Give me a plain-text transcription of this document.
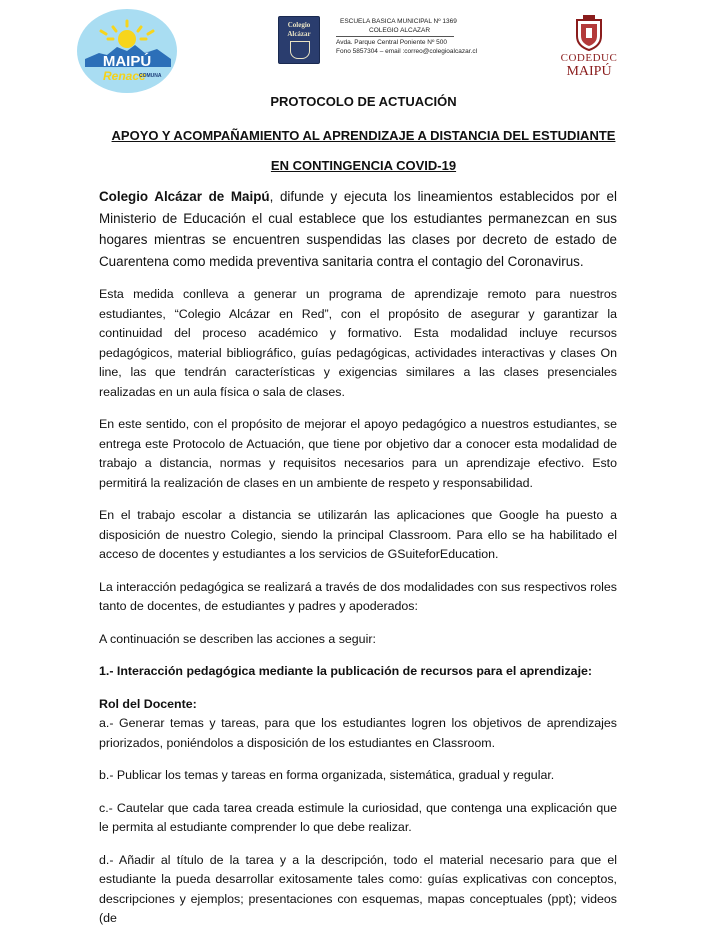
MAIPÚ
Renace
COMUNA
Colegio
Alcázar
ESCUELA BASICA MUNICIPAL Nº 1369
COLEGIO ALCAZAR
Avda. Parque Central Poniente Nº 500
Fono 5857304 – email :correo@colegioalcazar.cl
CODEDUC
MAIPÚ
PROTOCOLO DE ACTUACIÓN
APOYO Y ACOMPAÑAMIENTO AL APRENDIZAJE A DISTANCIA DEL ESTUDIANTE
EN CONTINGENCIA COVID-19

Colegio Alcázar de Maipú, difunde y ejecuta los lineamientos establecidos por el Ministerio de Educación el cual establece que los estudiantes permanezcan en sus hogares mientras se encuentren suspendidas las clases por decreto de estado de Cuarentena como medida preventiva sanitaria contra el contagio del Coronavirus.

Esta medida conlleva a generar un programa de aprendizaje remoto para nuestros estudiantes, “Colegio Alcázar en Red”, con el propósito de asegurar y garantizar la continuidad del proceso académico y formativo. Esta modalidad incluye recursos pedagógicos, material bibliográfico, guías pedagógicas, actividades interactivas y clases On line, las que tendrán características y exigencias similares a las clases presenciales realizadas en un aula física o sala de clases.

En este sentido, con el propósito de mejorar el apoyo pedagógico a nuestros estudiantes, se entrega este Protocolo de Actuación, que tiene por objetivo dar a conocer esta modalidad de trabajo a distancia, normas y requisitos necesarios para un aprendizaje efectivo. Esto permitirá la realización de clases en un ambiente de respeto y responsabilidad.

En el trabajo escolar a distancia se utilizarán las aplicaciones que Google ha puesto a disposición de nuestro Colegio, siendo la principal Classroom. Para ello se ha habilitado el acceso de docentes y estudiantes a los servicios de GSuiteforEducation.

La interacción pedagógica se realizará a través de dos modalidades con sus respectivos roles tanto de docentes, de estudiantes y padres y apoderados:

A continuación se describen las acciones a seguir:

1.- Interacción pedagógica mediante la publicación de recursos para el aprendizaje:

Rol del Docente:

a.- Generar temas y tareas, para que los estudiantes logren los objetivos de aprendizajes priorizados, poniéndolos a disposición de los estudiantes en Classroom.

b.- Publicar los temas y tareas en forma organizada, sistemática, gradual y regular.

c.- Cautelar que cada tarea creada estimule la curiosidad, que contenga una explicación que le permita al estudiante comprender lo que debe realizar.

d.- Añadir al título de la tarea y a la descripción, todo el material necesario para que el estudiante la pueda desarrollar exitosamente tales como: guías explicativas con conceptos, descripciones y ejemplos; presentaciones con esquemas, mapas conceptuales (ppt); videos (de
